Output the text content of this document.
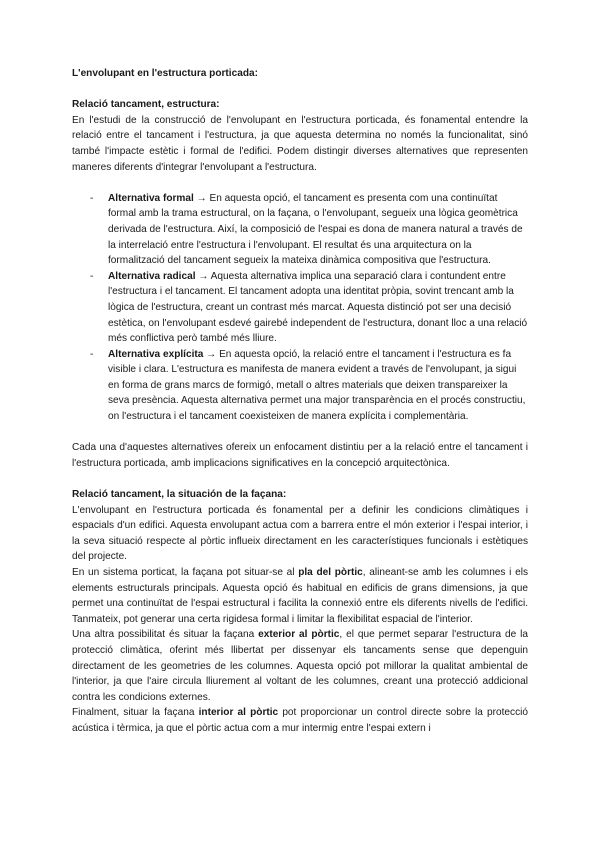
L'envolupant en l'estructura porticada:
Relació tancament, estructura:

En l'estudi de la construcció de l'envolupant en l'estructura porticada, és fonamental entendre la relació entre el tancament i l'estructura, ja que aquesta determina no només la funcionalitat, sinó també l'impacte estètic i formal de l'edifici. Podem distingir diverses alternatives que representen maneres diferents d'integrar l'envolupant a l'estructura.

- Alternativa formal → En aquesta opció, el tancament es presenta com una continuïtat formal amb la trama estructural, on la façana, o l'envolupant, segueix una lògica geomètrica derivada de l'estructura. Així, la composició de l'espai es dona de manera natural a través de la interrelació entre l'estructura i l'envolupant. El resultat és una arquitectura on la formalització del tancament segueix la mateixa dinàmica compositiva que l'estructura.
- Alternativa radical → Aquesta alternativa implica una separació clara i contundent entre l'estructura i el tancament. El tancament adopta una identitat pròpia, sovint trencant amb la lògica de l'estructura, creant un contrast més marcat. Aquesta distinció pot ser una decisió estètica, on l'envolupant esdevé gairebé independent de l'estructura, donant lloc a una relació més conflictiva però també més lliure.
- Alternativa explícita → En aquesta opció, la relació entre el tancament i l'estructura es fa visible i clara. L'estructura es manifesta de manera evident a través de l'envolupant, ja sigui en forma de grans marcs de formigó, metall o altres materials que deixen transpareixer la seva presència. Aquesta alternativa permet una major transparència en el procés constructiu, on l'estructura i el tancament coexisteixen de manera explícita i complementària.

Cada una d'aquestes alternatives ofereix un enfocament distintiu per a la relació entre el tancament i l'estructura porticada, amb implicacions significatives en la concepció arquitectònica.

Relació tancament, la situación de la façana:

L'envolupant en l'estructura porticada és fonamental per a definir les condicions climàtiques i espacials d'un edifici. Aquesta envolupant actua com a barrera entre el món exterior i l'espai interior, i la seva situació respecte al pòrtic influeix directament en les característiques funcionals i estètiques del projecte.

En un sistema porticat, la façana pot situar-se al pla del pòrtic, alineant-se amb les columnes i els elements estructurals principals. Aquesta opció és habitual en edificis de grans dimensions, ja que permet una continuïtat de l'espai estructural i facilita la connexió entre els diferents nivells de l'edifici. Tanmateix, pot generar una certa rigidesa formal i limitar la flexibilitat espacial de l'interior.

Una altra possibilitat és situar la façana exterior al pòrtic, el que permet separar l'estructura de la protecció climàtica, oferint més llibertat per dissenyar els tancaments sense que depenguin directament de les geometries de les columnes. Aquesta opció pot millorar la qualitat ambiental de l'interior, ja que l'aire circula lliurement al voltant de les columnes, creant una protecció addicional contra les condicions externes.

Finalment, situar la façana interior al pòrtic pot proporcionar un control directe sobre la protecció acústica i tèrmica, ja que el pòrtic actua com a mur intermig entre l'espai extern i
